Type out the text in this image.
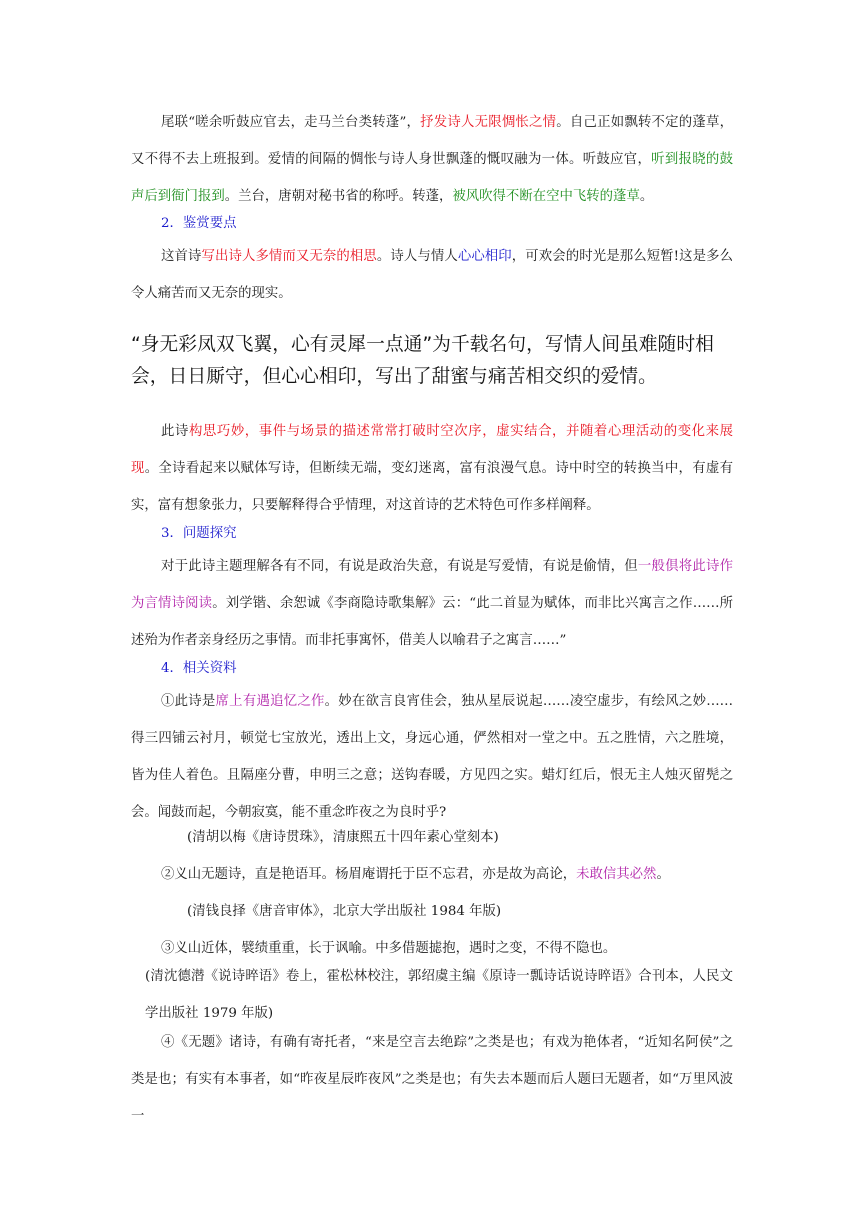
尾联“嗟余听鼓应官去，走马兰台类转蓬”，抒发诗人无限惆怅之情。自己正如飘转不定的蓬草，又不得不去上班报到。爱情的间隔的惆怅与诗人身世飘蓬的慨叹融为一体。听鼓应官，听到报晓的鼓声后到衙门报到。兰台，唐朝对秘书省的称呼。转蓬，被风吹得不断在空中飞转的蓬草。

2．鉴赏要点

这首诗写出诗人多情而又无奈的相思。诗人与情人心心相印，可欢会的时光是那么短暂!这是多么令人痛苦而又无奈的现实。

“身无彩凤双飞翼，心有灵犀一点通”为千载名句，写情人间虽难随时相会，日日厮守，但心心相印，写出了甜蜜与痛苦相交织的爱情。

此诗构思巧妙，事件与场景的描述常常打破时空次序，虚实结合，并随着心理活动的变化来展现。全诗看起来以赋体写诗，但断续无端，变幻迷离，富有浪漫气息。诗中时空的转换当中，有虚有实，富有想象张力，只要解释得合乎情理，对这首诗的艺术特色可作多样阐释。

3．问题探究

对于此诗主题理解各有不同，有说是政治失意，有说是写爱情，有说是偷情，但一般倶将此诗作为言情诗阅读。刘学锴、余恕诚《李商隐诗歌集解》云：“此二首显为赋体，而非比兴寓言之作……所述殆为作者亲身经历之事情。而非托事寓怀，借美人以喻君子之寓言……”

4．相关资料

①此诗是席上有遇追忆之作。妙在欲言良宵佳会，独从星辰说起……凌空虚步，有绘风之妙……得三四铺云衬月，顿觉七宝放光，透出上文，身远心通，俨然相对一堂之中。五之胜情，六之胜境，皆为佳人着色。且隔座分曹，申明三之意；送钩春暖，方见四之实。蜡灯红后，恨无主人烛灭留髡之会。闻鼓而起，今朝寂寞，能不重念昨夜之为良时乎?

(清胡以梅《唐诗贯珠》，清康熙五十四年素心堂刻本)

②义山无题诗，直是艳语耳。杨眉庵谓托于臣不忘君，亦是故为高论，未敢信其必然。

(清钱良择《唐音审体》，北京大学出版社 1984 年版)

③义山近体，襞绩重重，长于讽喻。中多借题摅抱，遇时之变，不得不隐也。

(清沈德潜《说诗晬语》卷上，霍松林校注，郭绍虞主编《原诗一瓢诗话说诗晬语》合刊本，人民文学出版社 1979 年版)

④《无题》诸诗，有确有寄托者，“来是空言去绝踪”之类是也；有戏为艳体者，“近知名阿侯”之类是也；有实有本事者，如“昨夜星辰昨夜风”之类是也；有失去本题而后人题曰无题者，如“万里风波一
